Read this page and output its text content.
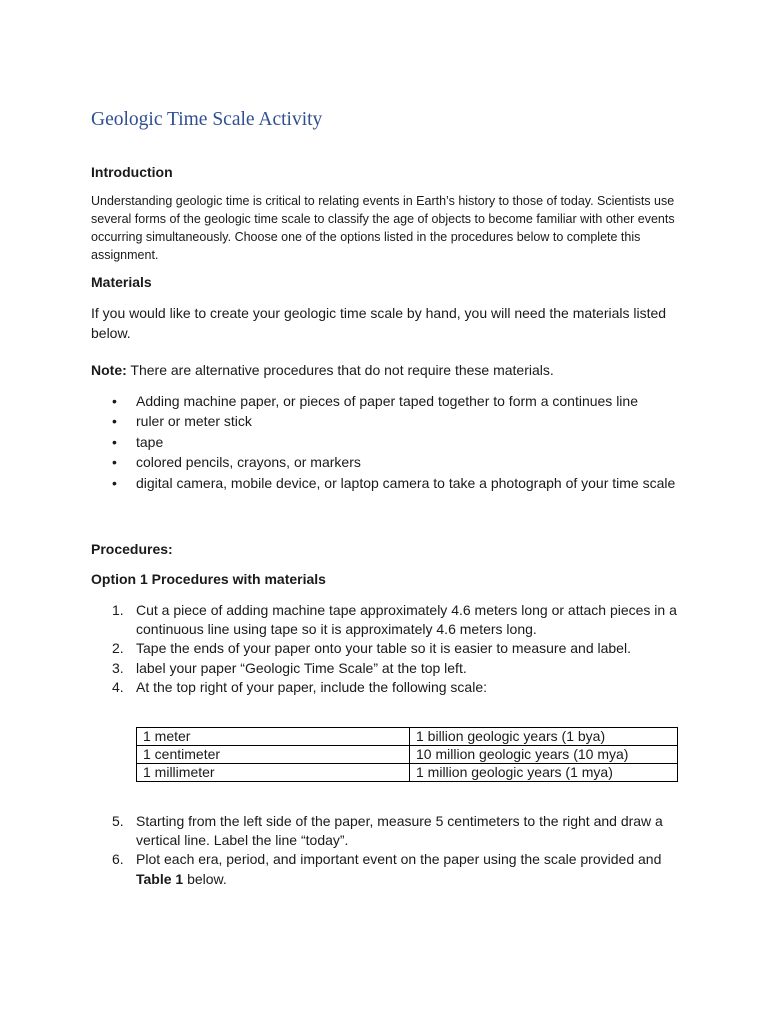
Geologic Time Scale Activity
Introduction
Understanding geologic time is critical to relating events in Earth’s history to those of today. Scientists use several forms of the geologic time scale to classify the age of objects to become familiar with other events occurring simultaneously. Choose one of the options listed in the procedures below to complete this assignment.
Materials
If you would like to create your geologic time scale by hand, you will need the materials listed below.
Note: There are alternative procedures that do not require these materials.
• Adding machine paper, or pieces of paper taped together to form a continues line
• ruler or meter stick
• tape
• colored pencils, crayons, or markers
• digital camera, mobile device, or laptop camera to take a photograph of your time scale
Procedures:
Option 1 Procedures with materials
1. Cut a piece of adding machine tape approximately 4.6 meters long or attach pieces in a continuous line using tape so it is approximately 4.6 meters long.
2. Tape the ends of your paper onto your table so it is easier to measure and label.
3. label your paper “Geologic Time Scale” at the top left.
4. At the top right of your paper, include the following scale:
1 meter	1 billion geologic years (1 bya)
1 centimeter	10 million geologic years (10 mya)
1 millimeter	1 million geologic years (1 mya)
5. Starting from the left side of the paper, measure 5 centimeters to the right and draw a vertical line. Label the line “today”.
6. Plot each era, period, and important event on the paper using the scale provided and Table 1 below.
